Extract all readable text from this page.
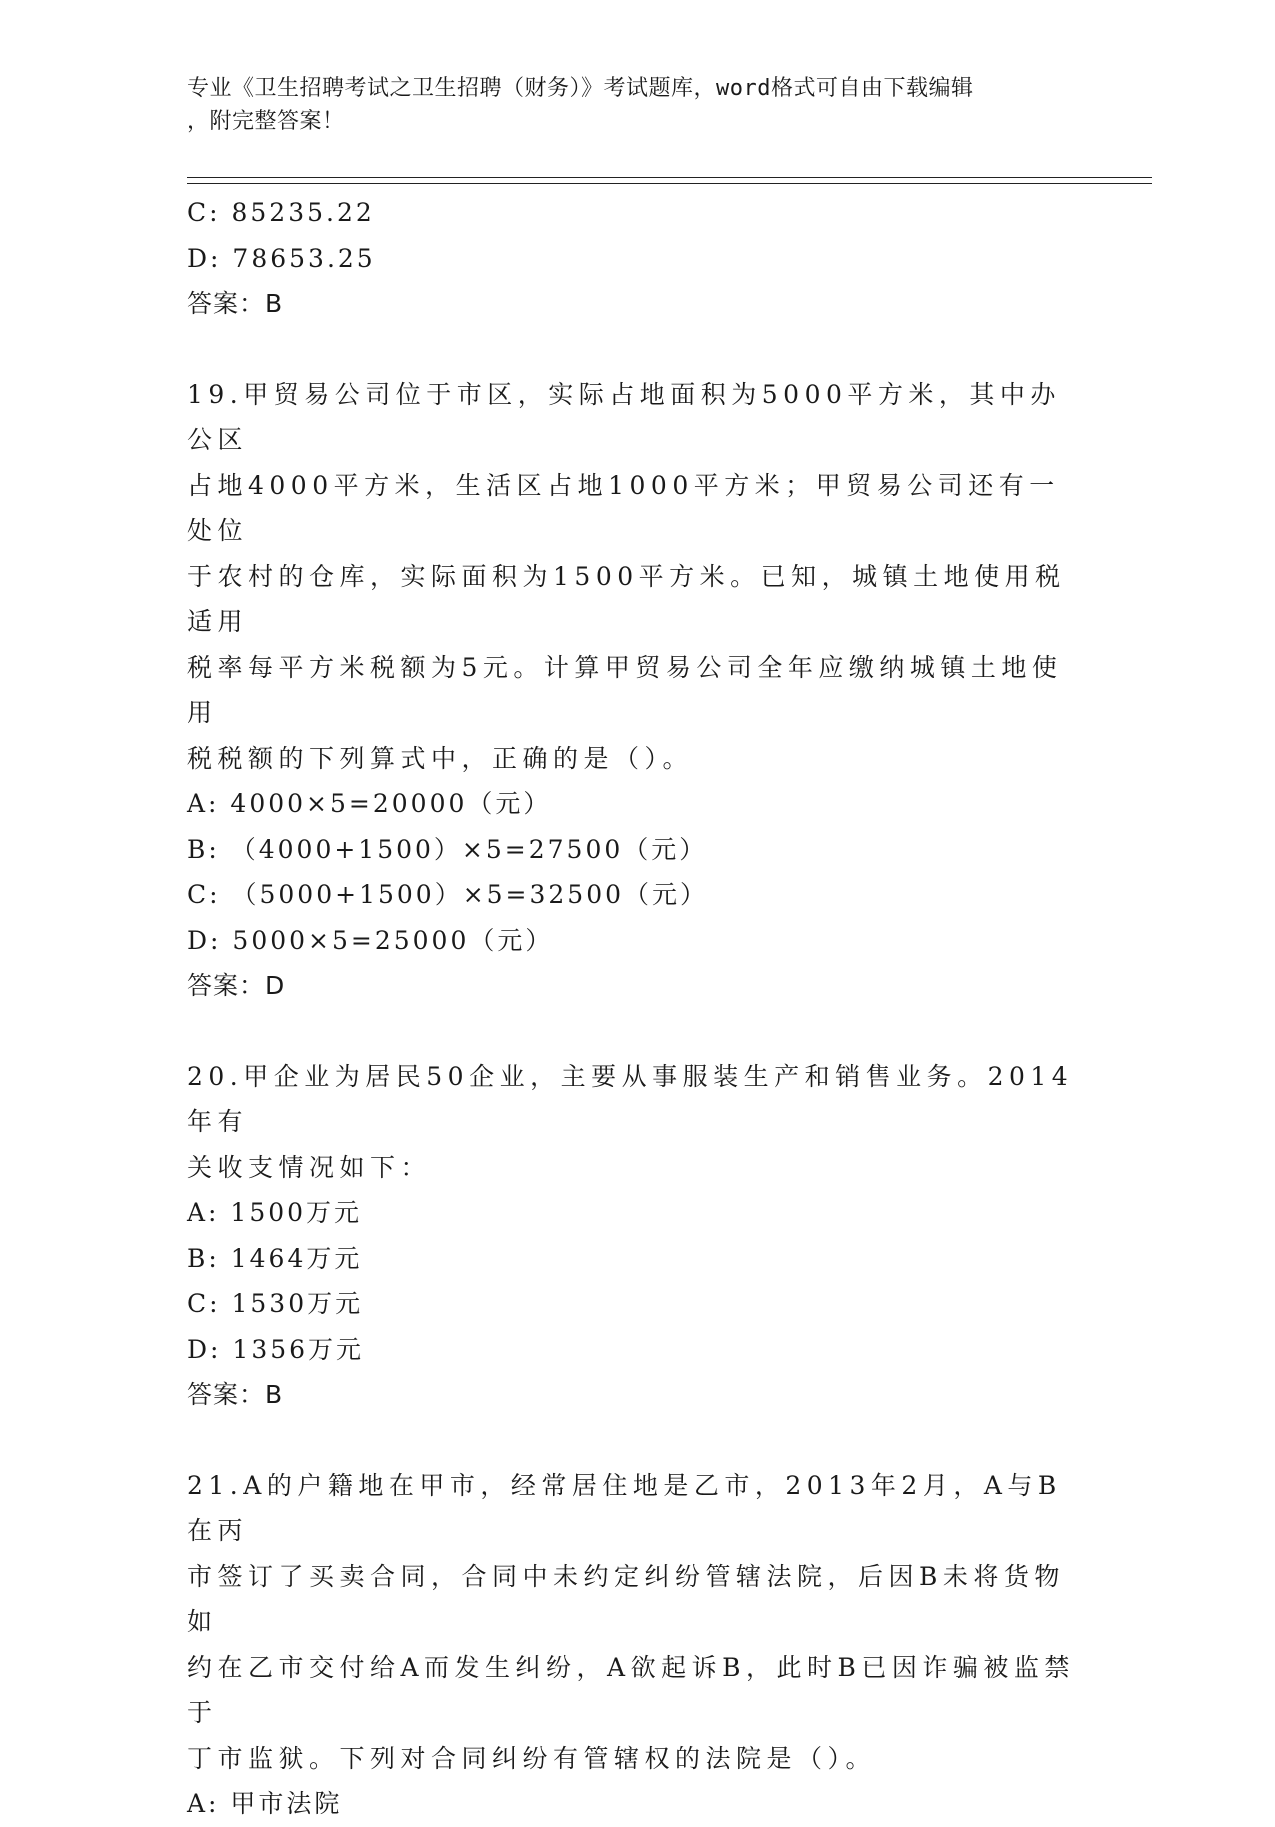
专业《卫生招聘考试之卫生招聘（财务）》考试题库，word格式可自由下载编辑
，附完整答案！
C: 85235.22
D: 78653.25
答案：B
19.甲贸易公司位于市区，实际占地面积为5000平方米，其中办公区
占地4000平方米，生活区占地1000平方米；甲贸易公司还有一处位
于农村的仓库，实际面积为1500平方米。已知，城镇土地使用税适用
税率每平方米税额为5元。计算甲贸易公司全年应缴纳城镇土地使用
税税额的下列算式中，正确的是（）。
A: 4000×5=20000（元）
B: （4000+1500）×5=27500（元）
C: （5000+1500）×5=32500（元）
D: 5000×5=25000（元）
答案：D
20.甲企业为居民50企业，主要从事服装生产和销售业务。2014年有
关收支情况如下：
A: 1500万元
B: 1464万元
C: 1530万元
D: 1356万元
答案：B
21.A的户籍地在甲市，经常居住地是乙市，2013年2月，A与B在丙
市签订了买卖合同，合同中未约定纠纷管辖法院，后因B未将货物如
约在乙市交付给A而发生纠纷，A欲起诉B，此时B已因诈骗被监禁于
丁市监狱。下列对合同纠纷有管辖权的法院是（）。
A: 甲市法院
